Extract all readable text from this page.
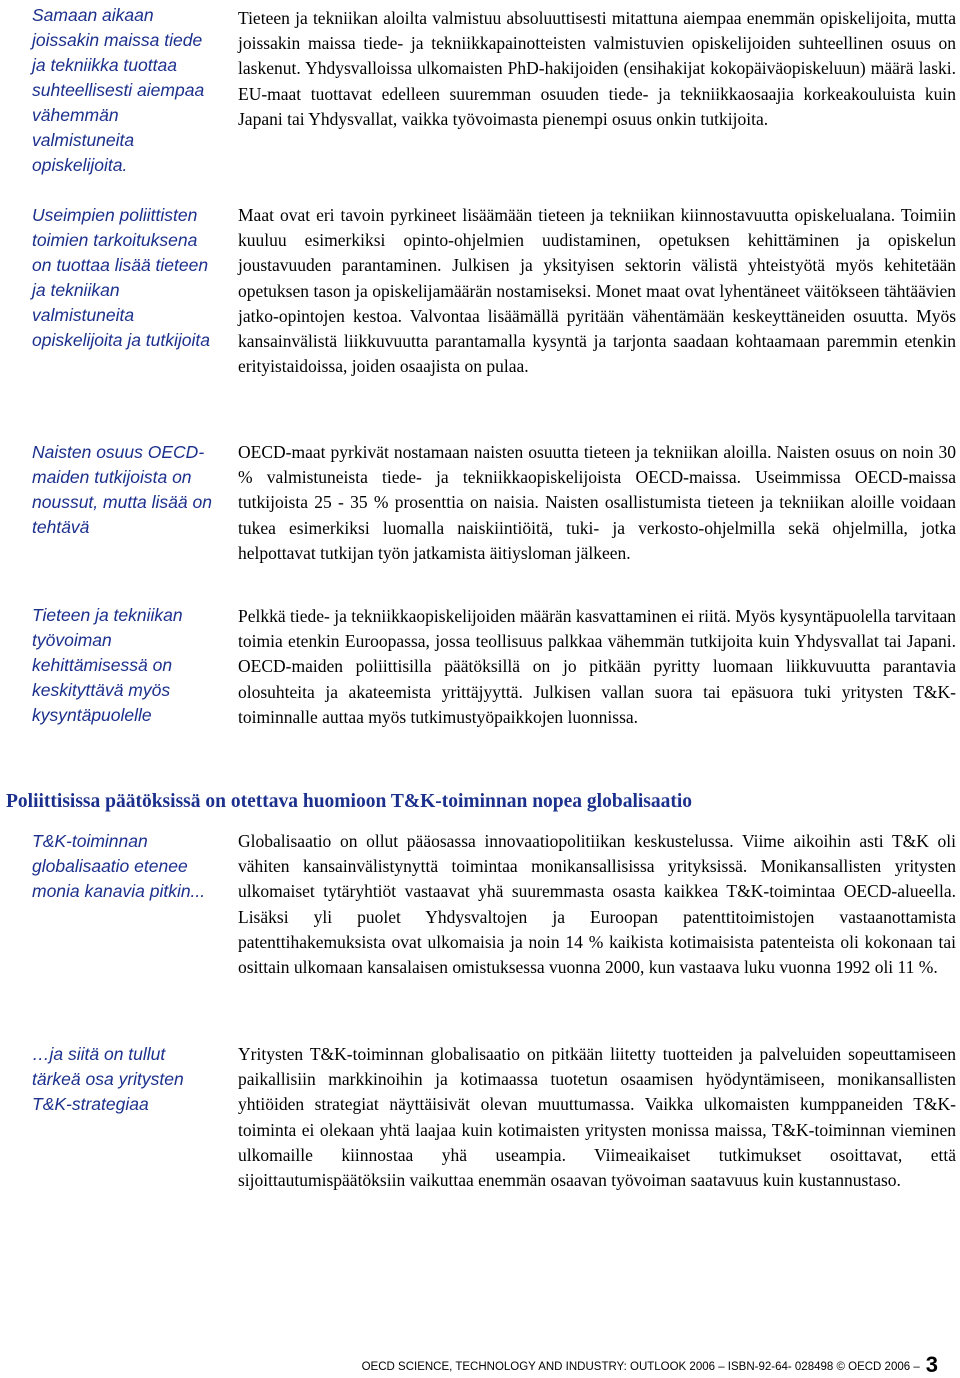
Samaan aikaan joissakin maissa tiede ja tekniikka tuottaa suhteellisesti aiempaa vähemmän valmistuneita opiskelijoita.
Useimpien poliittisten toimien tarkoituksena on tuottaa lisää tieteen ja tekniikan valmistuneita opiskelijoita ja tutkijoita
Naisten osuus OECD-maiden tutkijoista on noussut, mutta lisää on tehtävä
Tieteen ja tekniikan työvoiman kehittämisessä on keskityttävä myös kysyntäpuolelle
T&K-toiminnan globalisaatio etenee monia kanavia pitkin...
…ja siitä on tullut tärkeä osa yritysten T&K-strategiaa

Tieteen ja tekniikan aloilta valmistuu absoluuttisesti mitattuna aiempaa enemmän opiskelijoita, mutta joissakin maissa tiede- ja tekniikkapainotteisten valmistuvien opiskelijoiden suhteellinen osuus on laskenut. Yhdysvalloissa ulkomaisten PhD-hakijoiden (ensihakijat kokopäiväopiskeluun) määrä laski. EU-maat tuottavat edelleen suuremman osuuden tiede- ja tekniikkaosaajia korkeakouluista kuin Japani tai Yhdysvallat, vaikka työvoimasta pienempi osuus onkin tutkijoita.

Maat ovat eri tavoin pyrkineet lisäämään tieteen ja tekniikan kiinnostavuutta opiskelualana. Toimiin kuuluu esimerkiksi opinto-ohjelmien uudistaminen, opetuksen kehittäminen ja opiskelun joustavuuden parantaminen. Julkisen ja yksityisen sektorin välistä yhteistyötä myös kehitetään opetuksen tason ja opiskelijamäärän nostamiseksi. Monet maat ovat lyhentäneet väitökseen tähtäävien jatko-opintojen kestoa. Valvontaa lisäämällä pyritään vähentämään keskeyttäneiden osuutta. Myös kansainvälistä liikkuvuutta parantamalla kysyntä ja tarjonta saadaan kohtaamaan paremmin etenkin erityistaidoissa, joiden osaajista on pulaa.

OECD-maat pyrkivät nostamaan naisten osuutta tieteen ja tekniikan aloilla. Naisten osuus on noin 30 % valmistuneista tiede- ja tekniikkaopiskelijoista OECD-maissa. Useimmissa OECD-maissa tutkijoista 25 - 35 % prosenttia on naisia. Naisten osallistumista tieteen ja tekniikan aloille voidaan tukea esimerkiksi luomalla naiskiintiöitä, tuki- ja verkosto-ohjelmilla sekä ohjelmilla, jotka helpottavat tutkijan työn jatkamista äitiysloman jälkeen.

Pelkkä tiede- ja tekniikkaopiskelijoiden määrän kasvattaminen ei riitä. Myös kysyntäpuolella tarvitaan toimia etenkin Euroopassa, jossa teollisuus palkkaa vähemmän tutkijoita kuin Yhdysvallat tai Japani. OECD-maiden poliittisilla päätöksillä on jo pitkään pyritty luomaan liikkuvuutta parantavia olosuhteita ja akateemista yrittäjyyttä. Julkisen vallan suora tai epäsuora tuki yritysten T&K-toiminnalle auttaa myös tutkimustyöpaikkojen luonnissa.

Poliittisissa päätöksissä on otettava huomioon T&K-toiminnan nopea globalisaatio

Globalisaatio on ollut pääosassa innovaatiopolitiikan keskustelussa. Viime aikoihin asti T&K oli vähiten kansainvälistynyttä toimintaa monikansallisissa yrityksissä. Monikansallisten yritysten ulkomaiset tytäryhtiöt vastaavat yhä suuremmasta osasta kaikkea T&K-toimintaa OECD-alueella. Lisäksi yli puolet Yhdysvaltojen ja Euroopan patenttitoimistojen vastaanottamista patenttihakemuksista ovat ulkomaisia ja noin 14 % kaikista kotimaisista patenteista oli kokonaan tai osittain ulkomaan kansalaisen omistuksessa vuonna 2000, kun vastaava luku vuonna 1992 oli 11 %.

Yritysten T&K-toiminnan globalisaatio on pitkään liitetty tuotteiden ja palveluiden sopeuttamiseen paikallisiin markkinoihin ja kotimaassa tuotetun osaamisen hyödyntämiseen, monikansallisten yhtiöiden strategiat näyttäisivät olevan muuttumassa. Vaikka ulkomaisten kumppaneiden T&K-toiminta ei olekaan yhtä laajaa kuin kotimaisten yritysten monissa maissa, T&K-toiminnan vieminen ulkomaille kiinnostaa yhä useampia. Viimeaikaiset tutkimukset osoittavat, että sijoittautumispäätöksiin vaikuttaa enemmän osaavan työvoiman saatavuus kuin kustannustaso.

OECD SCIENCE, TECHNOLOGY AND INDUSTRY: OUTLOOK 2006 – ISBN-92-64- 028498 © OECD 2006 – 3
